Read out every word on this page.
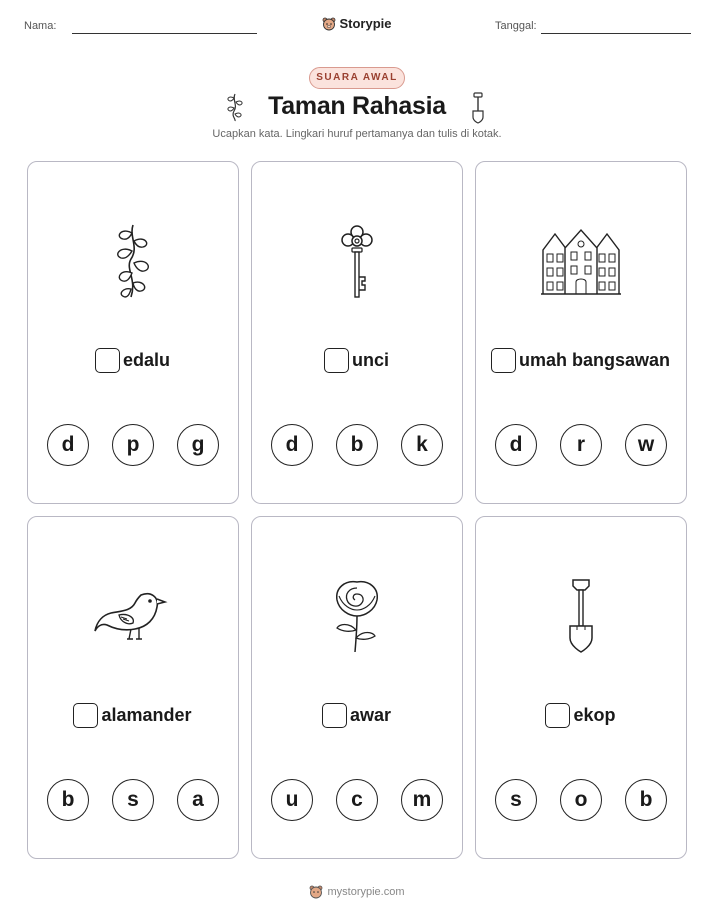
Nama:	Storypie	Tanggal:
SUARA AWAL
Taman Rahasia
Ucapkan kata. Lingkari huruf pertamanya dan tulis di kotak.
edalu
d	p	g
unci
d	b	k
umah bangsawan
d	r	w
alamander
b	s	a
awar
u	c	m
ekop
s	o	b
mystorypie.com
